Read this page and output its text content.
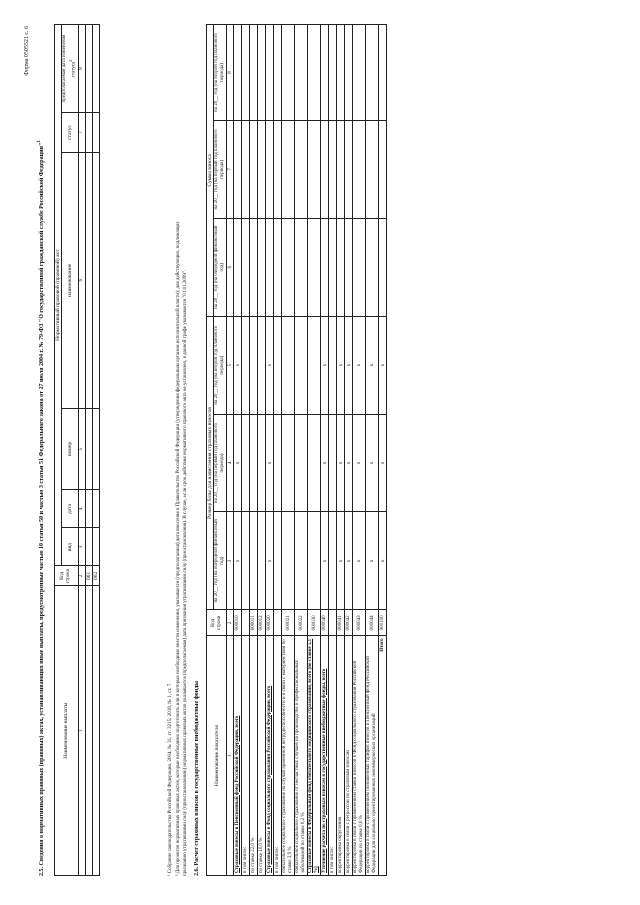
Форма 0505521 с. 6
2.5. Сведения о нормативных правовых (правовых) актах, устанавливающих иные выплаты, предусмотренные частью 10 статьи 50 и частью 3 статьи 51 Федерального закона от 27 июля 2004 г. № 79-ФЗ "О государственной гражданской службе Российской Федерации"$^1$
Наименование выплаты	Код строки	Нормативный правовой (правовой) акт					
		вид	дата	номер	наименование	статус	предполагаемая дата изменения статуса$^2$
1	2	3	4	5	6	7	8
	001						
	002						
¹ Собрание законодательства Российской Федерации, 2004, № 31, ст. 3215; 2018, № 1, ст. 7. ² Для проектов нормативных правовых актов, которые необходимо подготовить или в которые необходимо внести изменения, указывается (предполагаемая) дата внесения в Правительство Российской Федерации (утверждения федеральным органом исполнительной власти); для действующих, подлежащих признанию утратившими силу (приостановлению) нормативных правовых актов указывается (предполагаемая) дата признания утратившими силу (приостановления). В случае, если срок действия нормативного правового акта не установлен, в данной графе указывается "01.01.2099". 2.6. Расчет страховых взносов в государственные внебюджетные фонды Наименование показателя	Код строки	Размер базы для начисления страховых взносов			Сумма взноса		
		на 20__ год (на очередной финансовый год)	на 20__ год (на первый год планового периода)	на 20__ год (на второй год планового периода)	на 20__ год (на очередной финансовый год)	на 20__ год (на первый год планового периода)	на 20__ год (на второй год планового периода)
1	2	3	4	5	6	7	8
Страховые взносы в Пенсионный фонд Российской Федерации, всего	000010	x	x	x			
в том числе:							
по ставке 22,0 %	000011						
по ставке 10,0 %	000012						
Страховые взносы в Фонд социального страхования Российской Федерации, всего	000020	x	x	x			
в том числе:							
обязательное социальное страхование на случай временной нетрудоспособности и в связи с материнством по ставке 2,9 %	000021						
обязательное социальное страхование от несчастных случаев на производстве и профессиональных заболеваний по ставке 0,2 %	000022						
Страховые взносы в Федеральный фонд обязательного медицинского страхования, всего (по ставке 5,1 %)	000030						
Уточнение расчета по страховым взносам в государственные внебюджетные фонды, всего	000040	x	x	x			
в том числе:							
корректировка округления	000041	x	x	x			
корректировка в связи с регрессом по страховым взносам	000042	x	x	x			
корректировка в связи с применением ставки взносов в Фонд социального страхования Российской Федерации по ставке 0,0 %	000043	x	x	x			
корректировка в связи с применением пониженных тарифов взносов в Пенсионный фонд Российской Федерации для социально ориентированных некоммерческих организаций	000044	x	x	x			
Итого	900100	x	x	x			
